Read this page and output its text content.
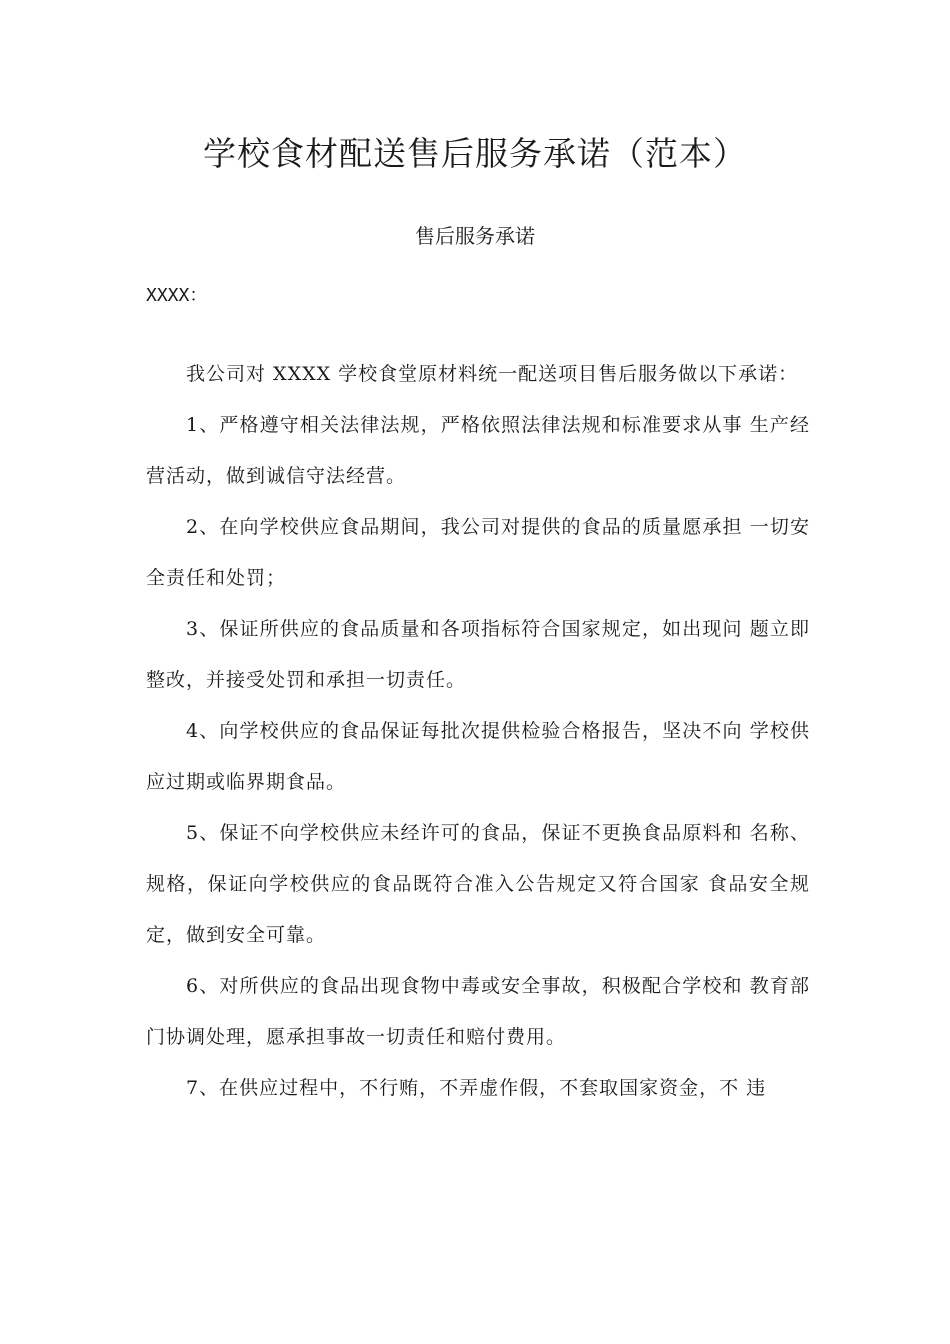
学校食材配送售后服务承诺（范本）
售后服务承诺

XXXX：

我公司对 XXXX 学校食堂原材料统一配送项目售后服务做以下承诺：

1、严格遵守相关法律法规，严格依照法律法规和标准要求从事 生产经营活动，做到诚信守法经营。

2、在向学校供应食品期间，我公司对提供的食品的质量愿承担 一切安全责任和处罚；

3、保证所供应的食品质量和各项指标符合国家规定，如出现问 题立即整改，并接受处罚和承担一切责任。

4、向学校供应的食品保证每批次提供检验合格报告，坚决不向 学校供应过期或临界期食品。

5、保证不向学校供应未经许可的食品，保证不更换食品原料和 名称、规格，保证向学校供应的食品既符合准入公告规定又符合国家 食品安全规定，做到安全可靠。

6、对所供应的食品出现食物中毒或安全事故，积极配合学校和 教育部门协调处理，愿承担事故一切责任和赔付费用。

7、在供应过程中，不行贿，不弄虚作假，不套取国家资金，不 违
